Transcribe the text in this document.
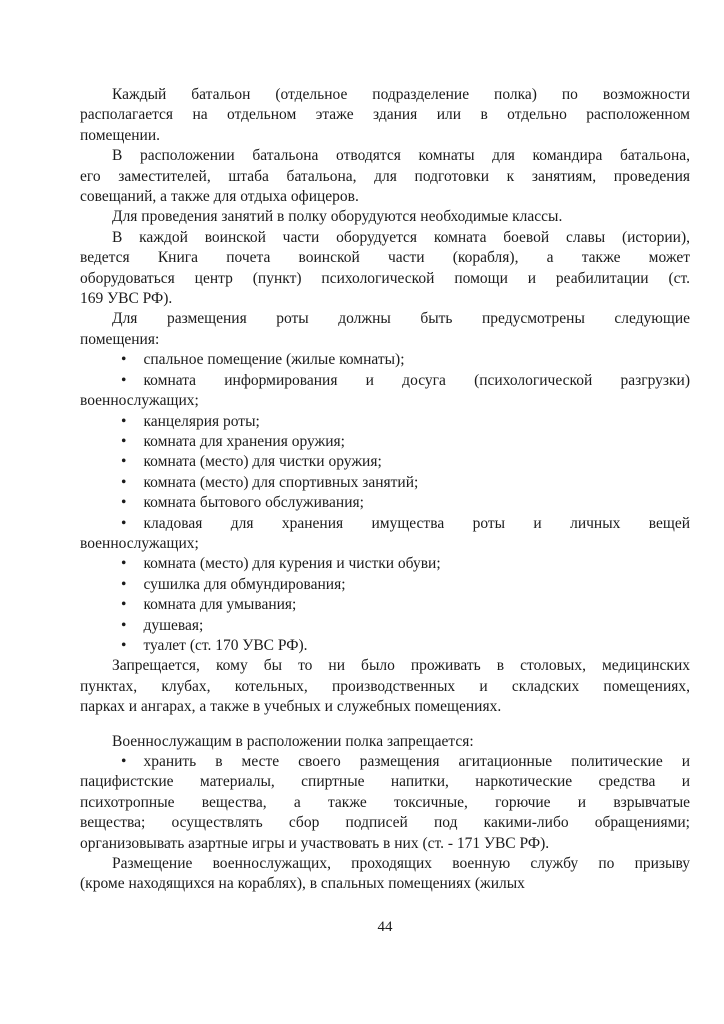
Каждый батальон (отдельное подразделение полка) по возможности
располагается на отдельном этаже здания или в отдельно расположенном
помещении.
В расположении батальона отводятся комнаты для командира батальона,
его заместителей, штаба батальона, для подготовки к занятиям, проведения
совещаний, а также для отдыха офицеров.
Для проведения занятий в полку оборудуются необходимые классы.
В каждой воинской части оборудуется комната боевой славы (истории),
ведется Книга почета воинской части (корабля), а также может
оборудоваться центр (пункт) психологической помощи и реабилитации (ст.
169 УВС РФ).
Для размещения роты должны быть предусмотрены следующие
помещения:
• спальное помещение (жилые комнаты);
• комната информирования и досуга (психологической разгрузки)
военнослужащих;
• канцелярия роты;
• комната для хранения оружия;
• комната (место) для чистки оружия;
• комната (место) для спортивных занятий;
• комната бытового обслуживания;
• кладовая для хранения имущества роты и личных вещей
военнослужащих;
• комната (место) для курения и чистки обуви;
• сушилка для обмундирования;
• комната для умывания;
• душевая;
• туалет (ст. 170 УВС РФ).
Запрещается, кому бы то ни было проживать в столовых, медицинских
пунктах, клубах, котельных, производственных и складских помещениях,
парках и ангарах, а также в учебных и служебных помещениях.
Военнослужащим в расположении полка запрещается:
• хранить в месте своего размещения агитационные политические и
пацифистские материалы, спиртные напитки, наркотические средства и
психотропные вещества, а также токсичные, горючие и взрывчатые
вещества; осуществлять сбор подписей под какими-либо обращениями;
организовывать азартные игры и участвовать в них (ст. - 171 УВС РФ).
Размещение военнослужащих, проходящих военную службу по призыву
(кроме находящихся на кораблях), в спальных помещениях (жилых
44
